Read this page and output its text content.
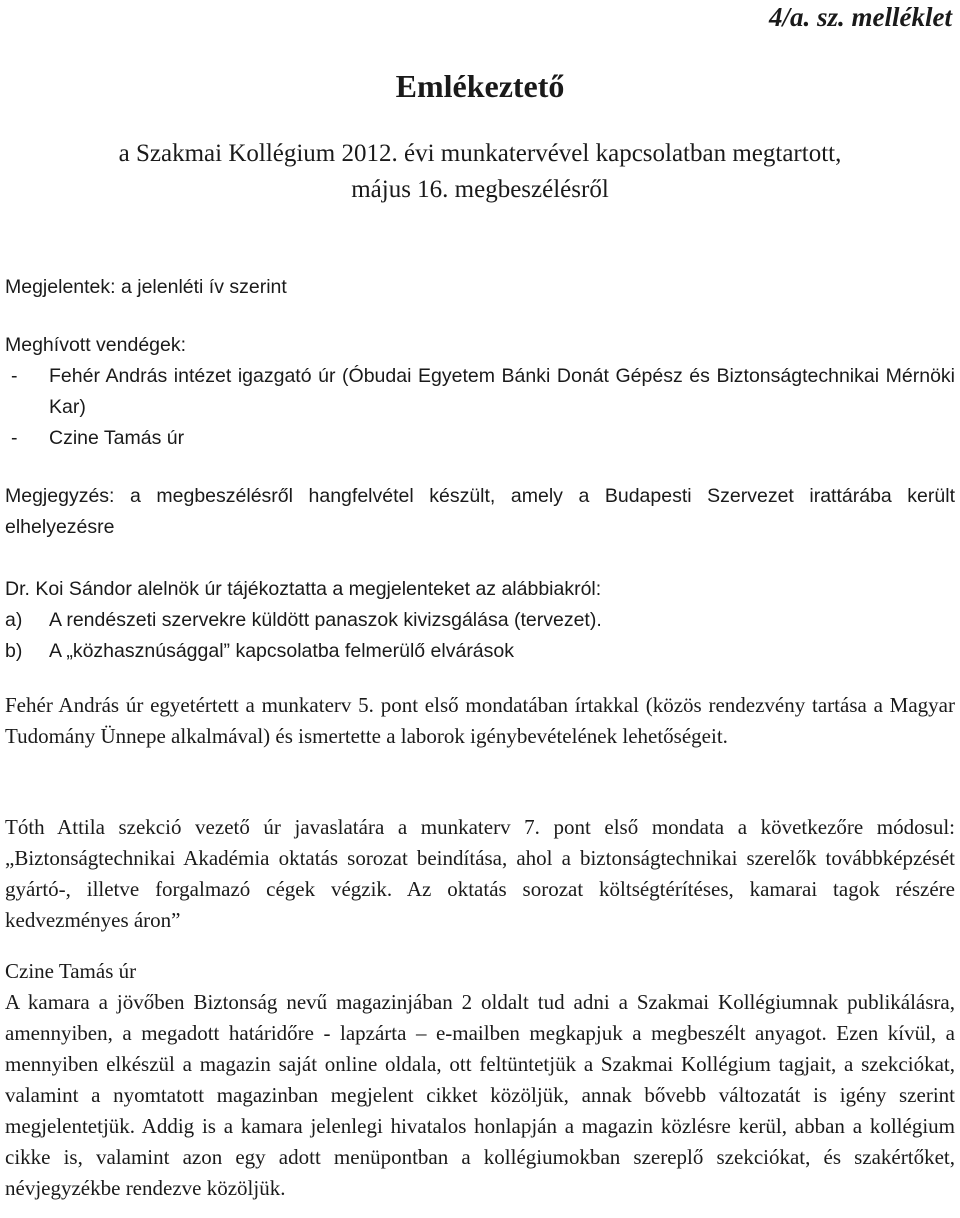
4/a. sz. melléklet
Emlékeztető
a Szakmai Kollégium 2012. évi munkatervével kapcsolatban megtartott,
május 16. megbeszélésről
Megjelentek: a jelenléti ív szerint
Meghívott vendégek:
- Fehér András intézet igazgató úr (Óbudai Egyetem Bánki Donát Gépész és Biztonságtechnikai Mérnöki Kar)
- Czine Tamás úr
Megjegyzés: a megbeszélésről hangfelvétel készült, amely a Budapesti Szervezet irattárába került elhelyezésre
Dr. Koi Sándor alelnök úr tájékoztatta a megjelenteket az alábbiakról:
a) A rendészeti szervekre küldött panaszok kivizsgálása (tervezet).
b) A „közhasznúsággal” kapcsolatba felmerülő elvárások
Fehér András úr egyetértett a munkaterv 5. pont első mondatában írtakkal (közös rendezvény tartása a Magyar Tudomány Ünnepe alkalmával) és ismertette a laborok igénybevételének lehetőségeit.
Tóth Attila szekció vezető úr javaslatára a munkaterv 7. pont első mondata a következőre módosul: „Biztonságtechnikai Akadémia oktatás sorozat beindítása, ahol a biztonságtechnikai szerelők továbbképzését gyártó-, illetve forgalmazó cégek végzik. Az oktatás sorozat költségtérítéses, kamarai tagok részére kedvezményes áron”
Czine Tamás úr

A kamara a jövőben Biztonság nevű magazinjában 2 oldalt tud adni a Szakmai Kollégiumnak publikálásra, amennyiben, a megadott határidőre - lapzárta – e-mailben megkapjuk a megbeszélt anyagot. Ezen kívül, a mennyiben elkészül a magazin saját online oldala, ott feltüntetjük a Szakmai Kollégium tagjait, a szekciókat, valamint a nyomtatott magazinban megjelent cikket közöljük, annak bővebb változatát is igény szerint megjelentetjük. Addig is a kamara jelenlegi hivatalos honlapján a magazin közlésre kerül, abban a kollégium cikke is, valamint azon egy adott menüpontban a kollégiumokban szereplő szekciókat, és szakértőket, névjegyzékbe rendezve közöljük.
